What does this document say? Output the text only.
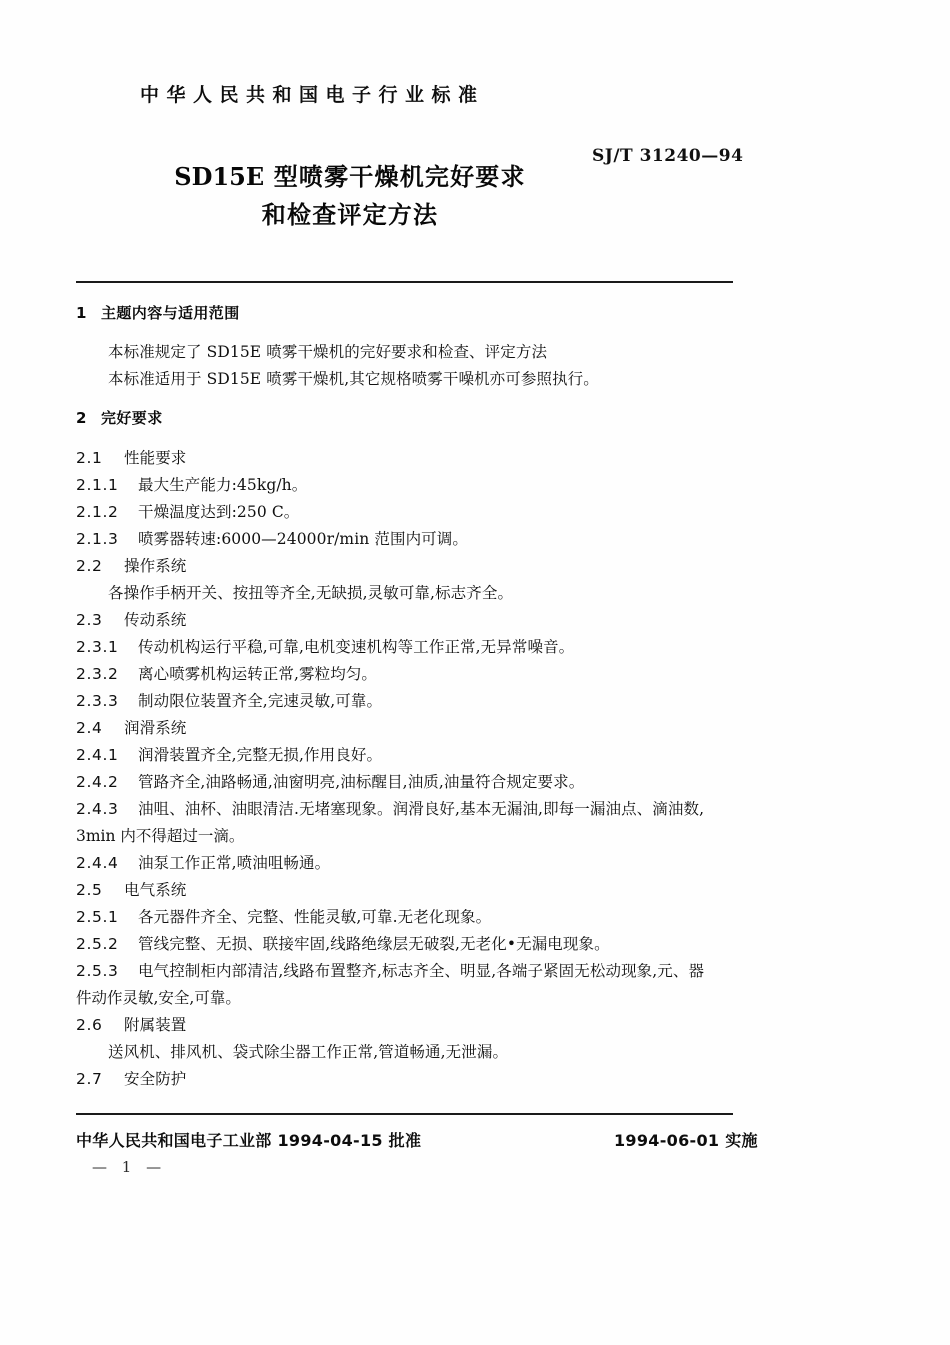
中华人民共和国电子行业标准
SJ/T 31240—94
SD15E 型喷雾干燥机完好要求
和检查评定方法
1 主题内容与适用范围
本标准规定了 SD15E 喷雾干燥机的完好要求和检查、评定方法
本标准适用于 SD15E 喷雾干燥机,其它规格喷雾干噪机亦可参照执行。
2 完好要求
2.1 性能要求
2.1.1 最大生产能力:45kg/h。
2.1.2 干燥温度达到:250 C。
2.1.3 喷雾器转速:6000—24000r/min 范围内可调。
2.2 操作系统
各操作手柄开关、按扭等齐全,无缺损,灵敏可靠,标志齐全。
2.3 传动系统
2.3.1 传动机构运行平稳,可靠,电机变速机构等工作正常,无异常噪音。
2.3.2 离心喷雾机构运转正常,雾粒均匀。
2.3.3 制动限位装置齐全,完速灵敏,可靠。
2.4 润滑系统
2.4.1 润滑装置齐全,完整无损,作用良好。
2.4.2 管路齐全,油路畅通,油窗明亮,油标醒目,油质,油量符合规定要求。
2.4.3 油咀、油杯、油眼清洁.无堵塞现象。润滑良好,基本无漏油,即每一漏油点、滴油数,
3min 内不得超过一滴。
2.4.4 油泵工作正常,喷油咀畅通。
2.5 电气系统
2.5.1 各元器件齐全、完整、性能灵敏,可靠.无老化现象。
2.5.2 管线完整、无损、联接牢固,线路绝缘层无破裂,无老化•无漏电现象。
2.5.3 电气控制柜内部清洁,线路布置整齐,标志齐全、明显,各端子紧固无松动现象,元、器
件动作灵敏,安全,可靠。
2.6 附属装置
送风机、排风机、袋式除尘器工作正常,管道畅通,无泄漏。
2.7 安全防护
中华人民共和国电子工业部 1994-04-15 批准	1994-06-01 实施
— 1 —
